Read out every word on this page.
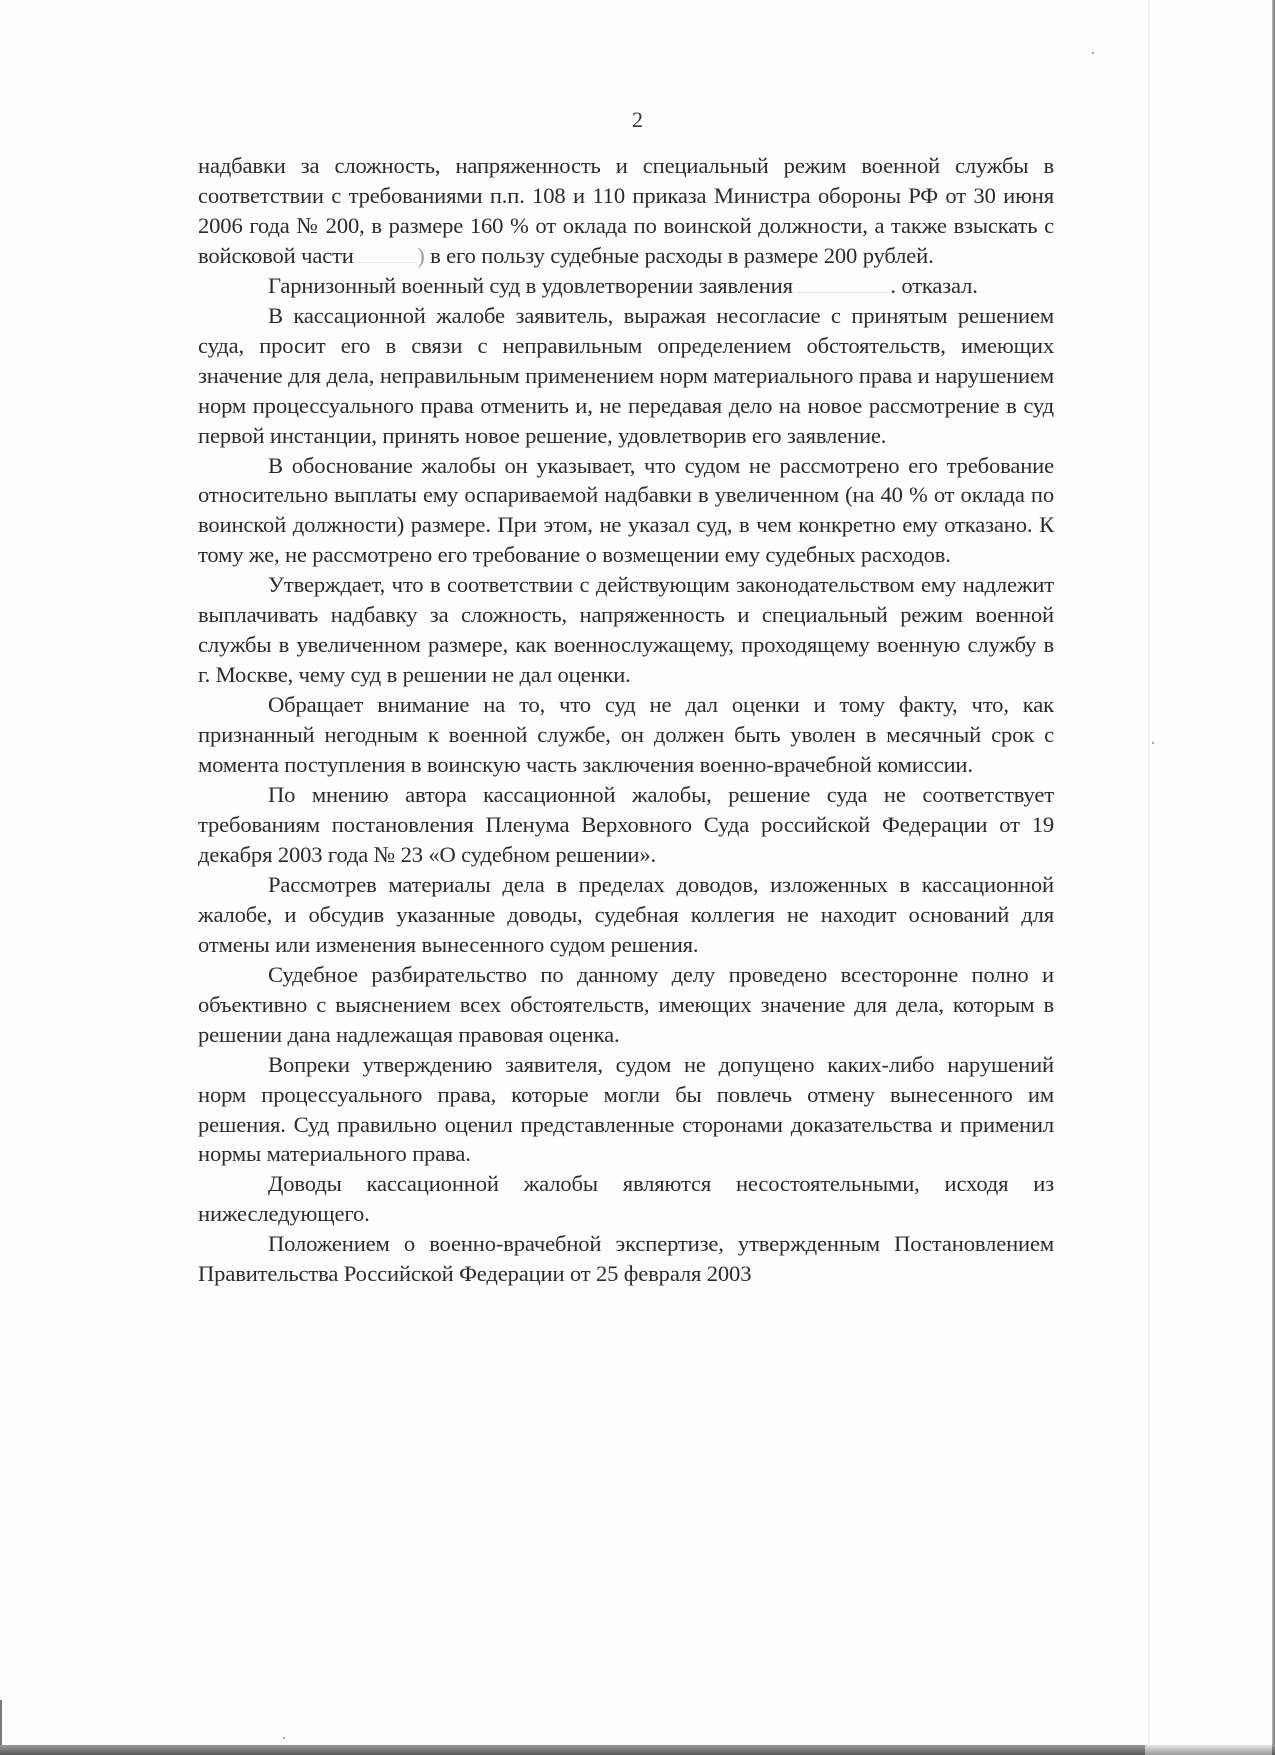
2

надбавки за сложность, напряженность и специальный режим военной службы в соответствии с требованиями п.п. 108 и 110 приказа Министра обороны РФ от 30 июня 2006 года № 200, в размере 160 % от оклада по воинской должности, а также взыскать с войсковой части	) в его пользу судебные расходы в размере 200 рублей.

Гарнизонный военный суд в удовлетворении заявления	. отказал.

В кассационной жалобе заявитель, выражая несогласие с принятым решением суда, просит его в связи с неправильным определением обстоятельств, имеющих значение для дела, неправильным применением норм материального права и нарушением норм процессуального права отменить и, не передавая дело на новое рассмотрение в суд первой инстанции, принять новое решение, удовлетворив его заявление.

В обоснование жалобы он указывает, что судом не рассмотрено его требование относительно выплаты ему оспариваемой надбавки в увеличенном (на 40 % от оклада по воинской должности) размере. При этом, не указал суд, в чем конкретно ему отказано. К тому же, не рассмотрено его требование о возмещении ему судебных расходов.

Утверждает, что в соответствии с действующим законодательством ему надлежит выплачивать надбавку за сложность, напряженность и специальный режим военной службы в увеличенном размере, как военнослужащему, проходящему военную службу в г. Москве, чему суд в решении не дал оценки.

Обращает внимание на то, что суд не дал оценки и тому факту, что, как признанный негодным к военной службе, он должен быть уволен в месячный срок с момента поступления в воинскую часть заключения военно-врачебной комиссии.

По мнению автора кассационной жалобы, решение суда не соответствует требованиям постановления Пленума Верховного Суда российской Федерации от 19 декабря 2003 года № 23 «О судебном решении».

Рассмотрев материалы дела в пределах доводов, изложенных в кассационной жалобе, и обсудив указанные доводы, судебная коллегия не находит оснований для отмены или изменения вынесенного судом решения.

Судебное разбирательство по данному делу проведено всесторонне полно и объективно с выяснением всех обстоятельств, имеющих значение для дела, которым в решении дана надлежащая правовая оценка.

Вопреки утверждению заявителя, судом не допущено каких-либо нарушений норм процессуального права, которые могли бы повлечь отмену вынесенного им решения. Суд правильно оценил представленные сторонами доказательства и применил нормы материального права.

Доводы кассационной жалобы являются несостоятельными, исходя из нижеследующего.

Положением о военно-врачебной экспертизе, утвержденным Постановлением Правительства Российской Федерации от 25 февраля 2003
